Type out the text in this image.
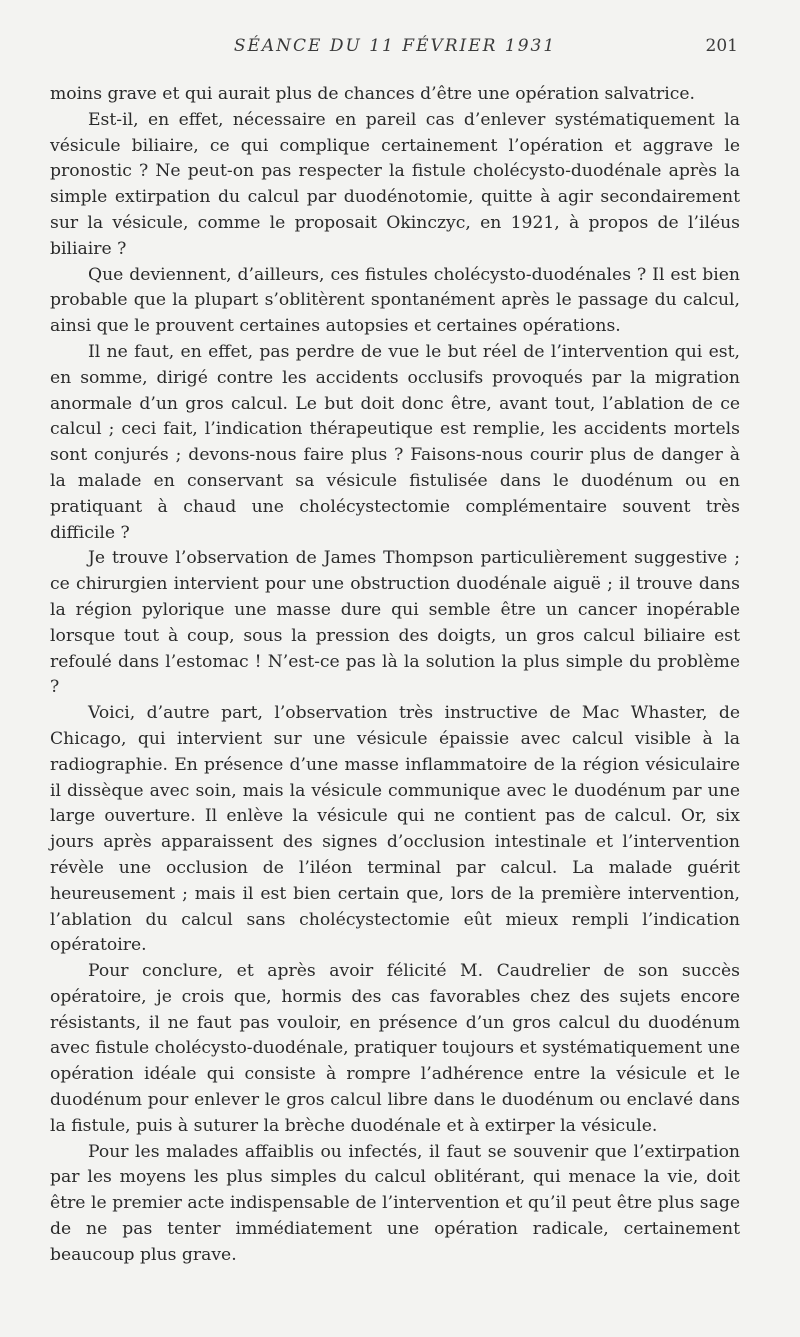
SÉANCE DU 11 FÉVRIER 1931	201

moins grave et qui aurait plus de chances d’être une opération salvatrice.

Est-il, en effet, nécessaire en pareil cas d’enlever systématiquement la vésicule biliaire, ce qui complique certainement l’opération et aggrave le pronostic ? Ne peut-on pas respecter la fistule cholécysto-duodénale après la simple extirpation du calcul par duodénotomie, quitte à agir secondairement sur la vésicule, comme le proposait Okinczyc, en 1921, à propos de l’iléus biliaire ?

Que deviennent, d’ailleurs, ces fistules cholécysto-duodénales ? Il est bien probable que la plupart s’oblitèrent spontanément après le passage du calcul, ainsi que le prouvent certaines autopsies et certaines opérations.

Il ne faut, en effet, pas perdre de vue le but réel de l’intervention qui est, en somme, dirigé contre les accidents occlusifs provoqués par la migration anormale d’un gros calcul. Le but doit donc être, avant tout, l’ablation de ce calcul ; ceci fait, l’indication thérapeutique est remplie, les accidents mortels sont conjurés ; devons-nous faire plus ? Faisons-nous courir plus de danger à la malade en conservant sa vésicule fistulisée dans le duodénum ou en pratiquant à chaud une cholécystectomie complémentaire souvent très difficile ?

Je trouve l’observation de James Thompson particulièrement suggestive ; ce chirurgien intervient pour une obstruction duodénale aiguë ; il trouve dans la région pylorique une masse dure qui semble être un cancer inopérable lorsque tout à coup, sous la pression des doigts, un gros calcul biliaire est refoulé dans l’estomac ! N’est-ce pas là la solution la plus simple du problème ?

Voici, d’autre part, l’observation très instructive de Mac Whaster, de Chicago, qui intervient sur une vésicule épaissie avec calcul visible à la radiographie. En présence d’une masse inflammatoire de la région vésiculaire il dissèque avec soin, mais la vésicule communique avec le duodénum par une large ouverture. Il enlève la vésicule qui ne contient pas de calcul. Or, six jours après apparaissent des signes d’occlusion intestinale et l’intervention révèle une occlusion de l’iléon terminal par calcul. La malade guérit heureusement ; mais il est bien certain que, lors de la première intervention, l’ablation du calcul sans cholécystectomie eût mieux rempli l’indication opératoire.

Pour conclure, et après avoir félicité M. Caudrelier de son succès opératoire, je crois que, hormis des cas favorables chez des sujets encore résistants, il ne faut pas vouloir, en présence d’un gros calcul du duodénum avec fistule cholécysto-duodénale, pratiquer toujours et systématiquement une opération idéale qui consiste à rompre l’adhérence entre la vésicule et le duodénum pour enlever le gros calcul libre dans le duodénum ou enclavé dans la fistule, puis à suturer la brèche duodénale et à extirper la vésicule.

Pour les malades affaiblis ou infectés, il faut se souvenir que l’extirpation par les moyens les plus simples du calcul oblitérant, qui menace la vie, doit être le premier acte indispensable de l’intervention et qu’il peut être plus sage de ne pas tenter immédiatement une opération radicale, certainement beaucoup plus grave.
